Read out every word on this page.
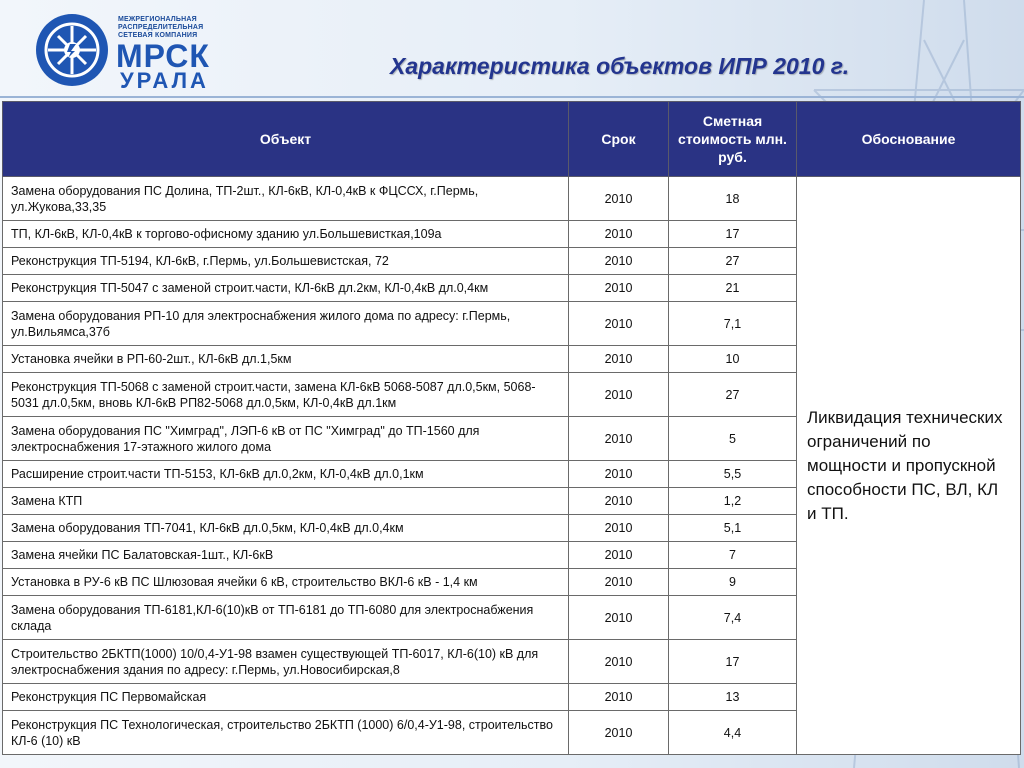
МЕЖРЕГИОНАЛЬНАЯ
РАСПРЕДЕЛИТЕЛЬНАЯ
СЕТЕВАЯ КОМПАНИЯ
МРСК
УРАЛА
Характеристика объектов ИПР 2010 г.
Объект	Срок	Сметная стоимость млн. руб.	Обоснование
Замена оборудования ПС Долина, ТП-2шт., КЛ-6кВ, КЛ-0,4кВ к ФЦССХ, г.Пермь, ул.Жукова,33,35	2010	18	Ликвидация технических ограничений по мощности и пропускной способности ПС, ВЛ, КЛ и ТП.
ТП, КЛ-6кВ, КЛ-0,4кВ к торгово-офисному зданию ул.Большевисткая,109а	2010	17	
Реконструкция ТП-5194, КЛ-6кВ, г.Пермь, ул.Большевистская, 72	2010	27	
Реконструкция ТП-5047 с заменой строит.части, КЛ-6кВ дл.2км, КЛ-0,4кВ дл.0,4км	2010	21	
Замена оборудования РП-10 для электроснабжения жилого дома по адресу: г.Пермь, ул.Вильямса,37б	2010	7,1	
Установка ячейки в РП-60-2шт., КЛ-6кВ дл.1,5км	2010	10	
Реконструкция ТП-5068 с заменой строит.части, замена КЛ-6кВ 5068-5087 дл.0,5км, 5068-5031 дл.0,5км, вновь КЛ-6кВ РП82-5068 дл.0,5км, КЛ-0,4кВ дл.1км	2010	27	
Замена оборудования ПС "Химград", ЛЭП-6 кВ от ПС "Химград" до ТП-1560 для электроснабжения 17-этажного жилого дома	2010	5	
Расширение строит.части ТП-5153, КЛ-6кВ дл.0,2км, КЛ-0,4кВ дл.0,1км	2010	5,5	
Замена КТП	2010	1,2	
Замена оборудования ТП-7041, КЛ-6кВ дл.0,5км, КЛ-0,4кВ дл.0,4км	2010	5,1	
Замена ячейки ПС Балатовская-1шт., КЛ-6кВ	2010	7	
Установка в РУ-6 кВ ПС Шлюзовая ячейки 6 кВ, строительство ВКЛ-6 кВ - 1,4 км	2010	9	
Замена оборудования ТП-6181,КЛ-6(10)кВ от ТП-6181 до ТП-6080 для электроснабжения склада	2010	7,4	
Строительство 2БКТП(1000) 10/0,4-У1-98 взамен существующей ТП-6017, КЛ-6(10) кВ для электроснабжения здания по адресу: г.Пермь, ул.Новосибирская,8	2010	17	
Реконструкция ПС Первомайская	2010	13	
Реконструкция ПС Технологическая, строительство 2БКТП (1000) 6/0,4-У1-98, строительство КЛ-6 (10) кВ	2010	4,4	
